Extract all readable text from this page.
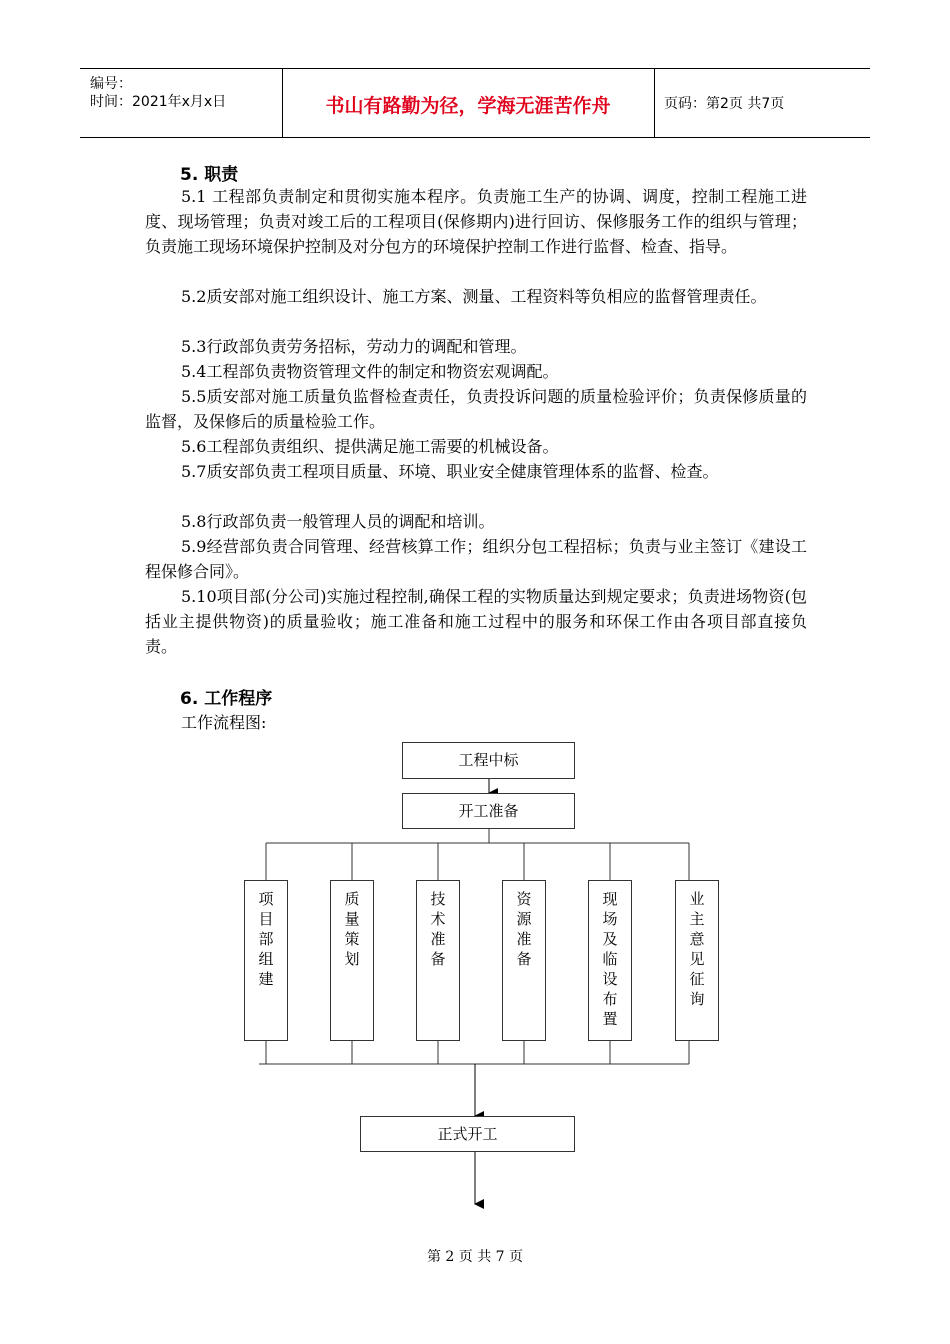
编号：
时间：2021年x月x日	书山有路勤为径，学海无涯苦作舟	页码：第2页 共7页
5. 职责
5.1 工程部负责制定和贯彻实施本程序。负责施工生产的协调、调度，控制工程施工进度、现场管理；负责对竣工后的工程项目(保修期内)进行回访、保修服务工作的组织与管理；负责施工现场环境保护控制及对分包方的环境保护控制工作进行监督、检查、指导。
5.2质安部对施工组织设计、施工方案、测量、工程资料等负相应的监督管理责任。
5.3行政部负责劳务招标，劳动力的调配和管理。
5.4工程部负责物资管理文件的制定和物资宏观调配。
5.5质安部对施工质量负监督检查责任，负责投诉问题的质量检验评价；负责保修质量的监督，及保修后的质量检验工作。
5.6工程部负责组织、提供满足施工需要的机械设备。
5.7质安部负责工程项目质量、环境、职业安全健康管理体系的监督、检查。
5.8行政部负责一般管理人员的调配和培训。
5.9经营部负责合同管理、经营核算工作；组织分包工程招标；负责与业主签订《建设工程保修合同》。
5.10项目部(分公司)实施过程控制,确保工程的实物质量达到规定要求；负责进场物资(包括业主提供物资)的质量验收；施工准备和施工过程中的服务和环保工作由各项目部直接负责。
6. 工作程序
工作流程图:
工程中标
开工准备
项目部组建
质量策划
技术准备
资源准备
现场及临设布置
业主意见征询
正式开工
第 2 页 共 7 页
